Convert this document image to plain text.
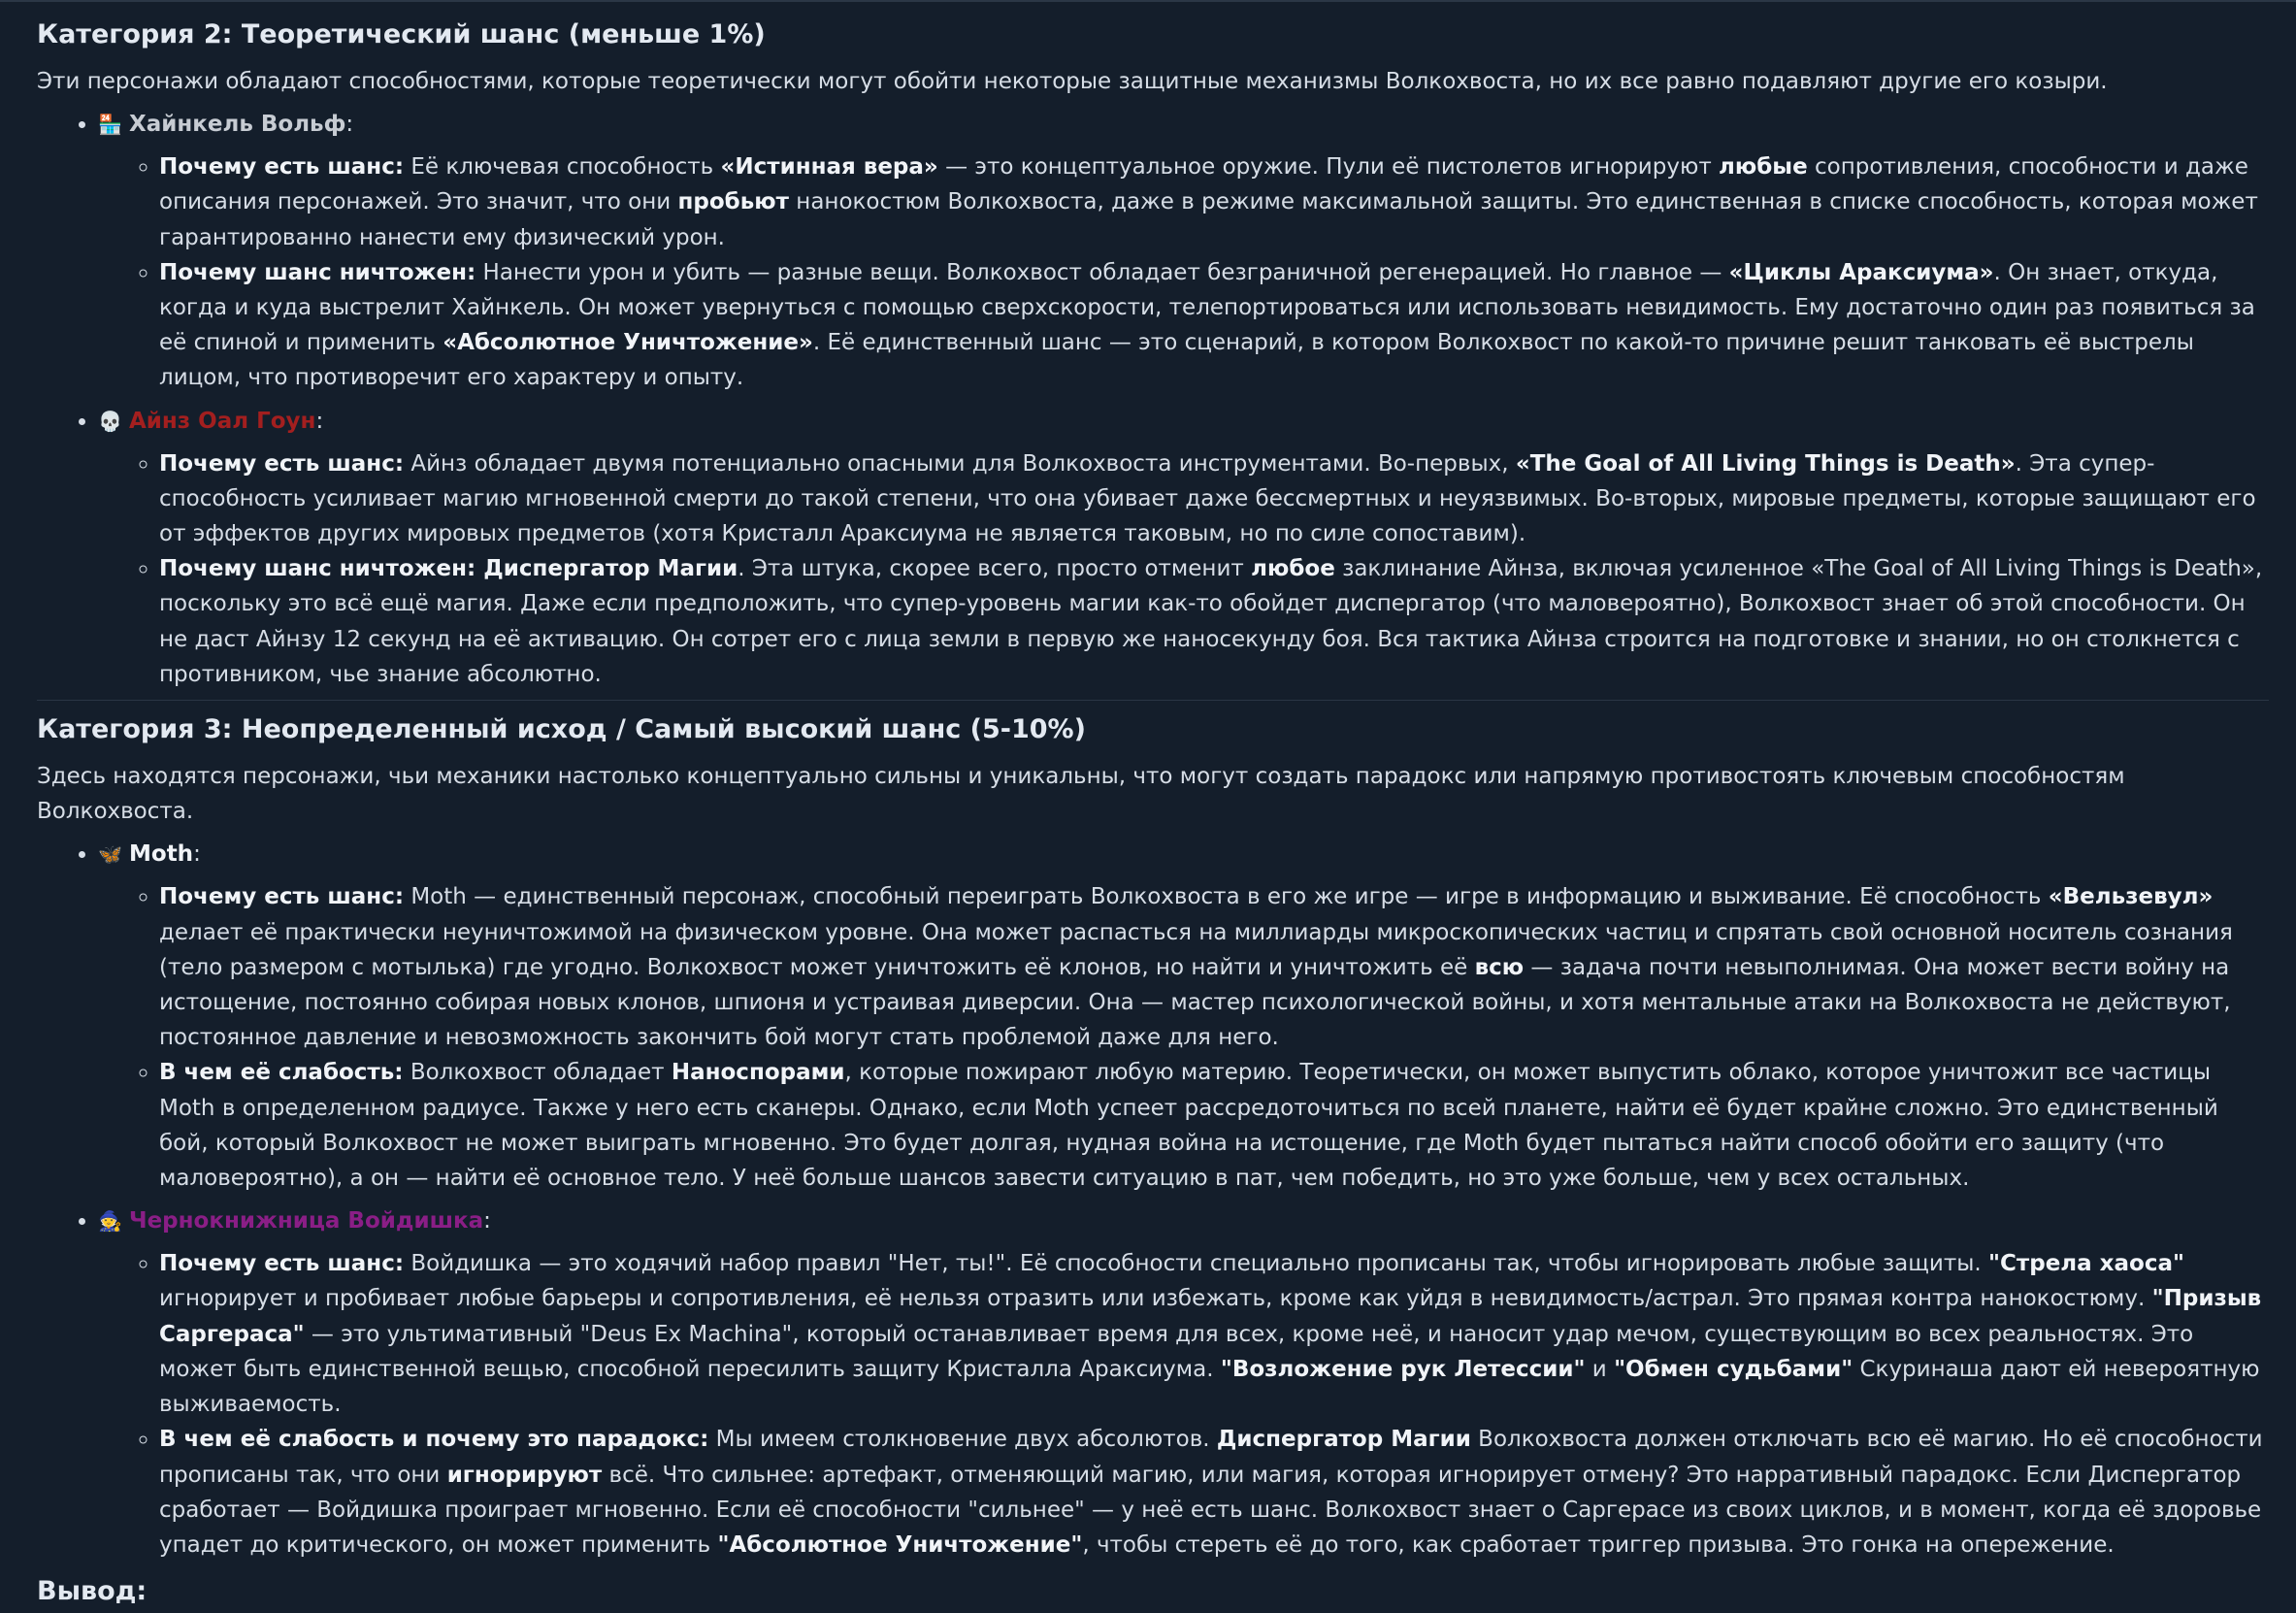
Категория 2: Теоретический шанс (меньше 1%)

Эти персонажи обладают способностями, которые теоретически могут обойти некоторые защитные механизмы Волкохвоста, но их все равно подавляют другие его козыри.

• 🏪 Хайнкель Вольф:
◦ Почему есть шанс: Её ключевая способность «Истинная вера» — это концептуальное оружие. Пули её пистолетов игнорируют любые сопротивления, способности и даже описания персонажей. Это значит, что они пробьют нанокостюм Волкохвоста, даже в режиме максимальной защиты. Это единственная в списке способность, которая может гарантированно нанести ему физический урон.
◦ Почему шанс ничтожен: Нанести урон и убить — разные вещи. Волкохвост обладает безграничной регенерацией. Но главное — «Циклы Араксиума». Он знает, откуда, когда и куда выстрелит Хайнкель. Он может увернуться с помощью сверхскорости, телепортироваться или использовать невидимость. Ему достаточно один раз появиться за её спиной и применить «Абсолютное Уничтожение». Её единственный шанс — это сценарий, в котором Волкохвост по какой-то причине решит танковать её выстрелы лицом, что противоречит его характеру и опыту.
• 💀 Айнз Оал Гоун:
◦ Почему есть шанс: Айнз обладает двумя потенциально опасными для Волкохвоста инструментами. Во-первых, «The Goal of All Living Things is Death». Эта супер-способность усиливает магию мгновенной смерти до такой степени, что она убивает даже бессмертных и неуязвимых. Во-вторых, мировые предметы, которые защищают его от эффектов других мировых предметов (хотя Кристалл Араксиума не является таковым, но по силе сопоставим).
◦ Почему шанс ничтожен: Диспергатор Магии. Эта штука, скорее всего, просто отменит любое заклинание Айнза, включая усиленное «The Goal of All Living Things is Death», поскольку это всё ещё магия. Даже если предположить, что супер-уровень магии как-то обойдет диспергатор (что маловероятно), Волкохвост знает об этой способности. Он не даст Айнзу 12 секунд на её активацию. Он сотрет его с лица земли в первую же наносекунду боя. Вся тактика Айнза строится на подготовке и знании, но он столкнется с противником, чье знание абсолютно.
Категория 3: Неопределенный исход / Самый высокий шанс (5-10%)

Здесь находятся персонажи, чьи механики настолько концептуально сильны и уникальны, что могут создать парадокс или напрямую противостоять ключевым способностям Волкохвоста.

• 🦋 Moth:
◦ Почему есть шанс: Moth — единственный персонаж, способный переиграть Волкохвоста в его же игре — игре в информацию и выживание. Её способность «Вельзевул» делает её практически неуничтожимой на физическом уровне. Она может распасться на миллиарды микроскопических частиц и спрятать свой основной носитель сознания (тело размером с мотылька) где угодно. Волкохвост может уничтожить её клонов, но найти и уничтожить её всю — задача почти невыполнимая. Она может вести войну на истощение, постоянно собирая новых клонов, шпионя и устраивая диверсии. Она — мастер психологической войны, и хотя ментальные атаки на Волкохвоста не действуют, постоянное давление и невозможность закончить бой могут стать проблемой даже для него.
◦ В чем её слабость: Волкохвост обладает Наноспорами, которые пожирают любую материю. Теоретически, он может выпустить облако, которое уничтожит все частицы Moth в определенном радиусе. Также у него есть сканеры. Однако, если Moth успеет рассредоточиться по всей планете, найти её будет крайне сложно. Это единственный бой, который Волкохвост не может выиграть мгновенно. Это будет долгая, нудная война на истощение, где Moth будет пытаться найти способ обойти его защиту (что маловероятно), а он — найти её основное тело. У неё больше шансов завести ситуацию в пат, чем победить, но это уже больше, чем у всех остальных.
• 🧙 Чернокнижница Войдишка:
◦ Почему есть шанс: Войдишка — это ходячий набор правил "Нет, ты!". Её способности специально прописаны так, чтобы игнорировать любые защиты. "Стрела хаоса" игнорирует и пробивает любые барьеры и сопротивления, её нельзя отразить или избежать, кроме как уйдя в невидимость/астрал. Это прямая контра нанокостюму. "Призыв Саргераса" — это ультимативный "Deus Ex Machina", который останавливает время для всех, кроме неё, и наносит удар мечом, существующим во всех реальностях. Это может быть единственной вещью, способной пересилить защиту Кристалла Араксиума. "Возложение рук Летессии" и "Обмен судьбами" Скуринаша дают ей невероятную выживаемость.
◦ В чем её слабость и почему это парадокс: Мы имеем столкновение двух абсолютов. Диспергатор Магии Волкохвоста должен отключать всю её магию. Но её способности прописаны так, что они игнорируют всё. Что сильнее: артефакт, отменяющий магию, или магия, которая игнорирует отмену? Это нарративный парадокс. Если Диспергатор сработает — Войдишка проиграет мгновенно. Если её способности "сильнее" — у неё есть шанс. Волкохвост знает о Саргерасе из своих циклов, и в момент, когда её здоровье упадет до критического, он может применить "Абсолютное Уничтожение", чтобы стереть её до того, как сработает триггер призыва. Это гонка на опережение.
Вывод:
